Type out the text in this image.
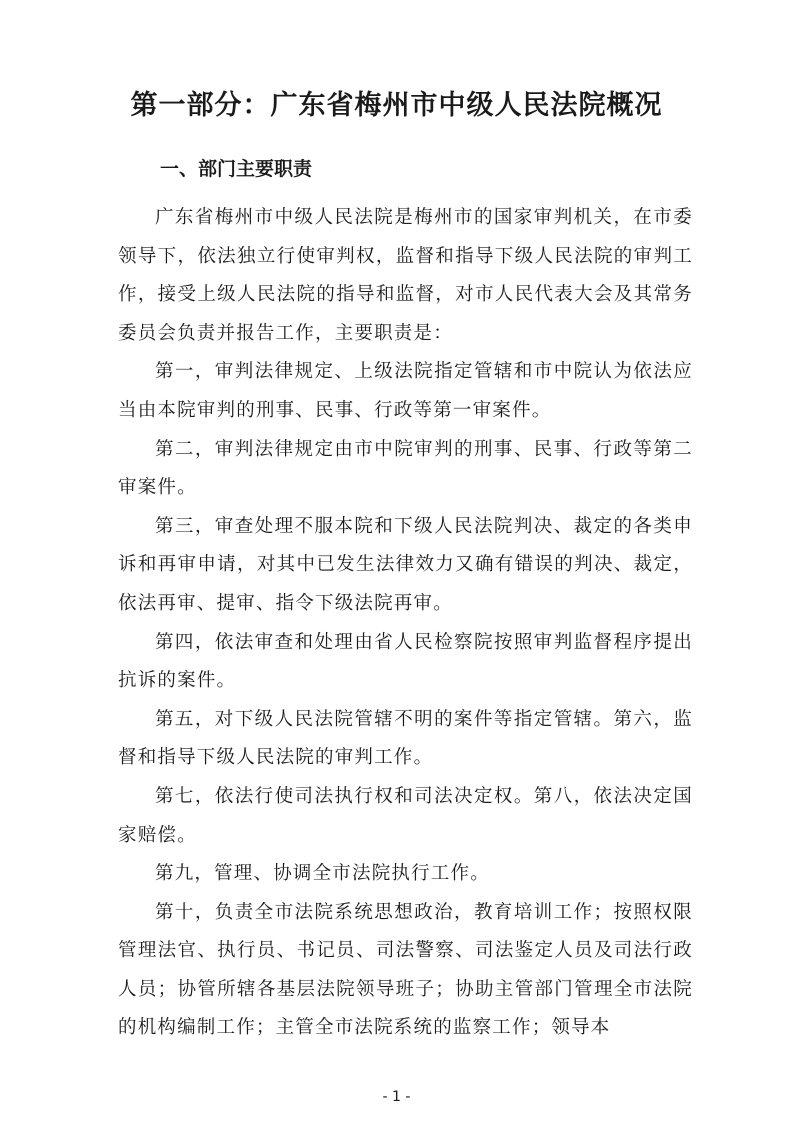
第一部分：广东省梅州市中级人民法院概况
一、部门主要职责

广东省梅州市中级人民法院是梅州市的国家审判机关，在市委领导下，依法独立行使审判权，监督和指导下级人民法院的审判工作，接受上级人民法院的指导和监督，对市人民代表大会及其常务委员会负责并报告工作，主要职责是：

第一，审判法律规定、上级法院指定管辖和市中院认为依法应当由本院审判的刑事、民事、行政等第一审案件。

第二，审判法律规定由市中院审判的刑事、民事、行政等第二审案件。

第三，审查处理不服本院和下级人民法院判决、裁定的各类申诉和再审申请，对其中已发生法律效力又确有错误的判决、裁定，依法再审、提审、指令下级法院再审。

第四，依法审查和处理由省人民检察院按照审判监督程序提出抗诉的案件。

第五，对下级人民法院管辖不明的案件等指定管辖。第六，监督和指导下级人民法院的审判工作。

第七，依法行使司法执行权和司法决定权。第八，依法决定国家赔偿。

第九，管理、协调全市法院执行工作。

第十，负责全市法院系统思想政治，教育培训工作；按照权限管理法官、执行员、书记员、司法警察、司法鉴定人员及司法行政人员；协管所辖各基层法院领导班子；协助主管部门管理全市法院的机构编制工作；主管全市法院系统的监察工作；领导本

- 1 -
